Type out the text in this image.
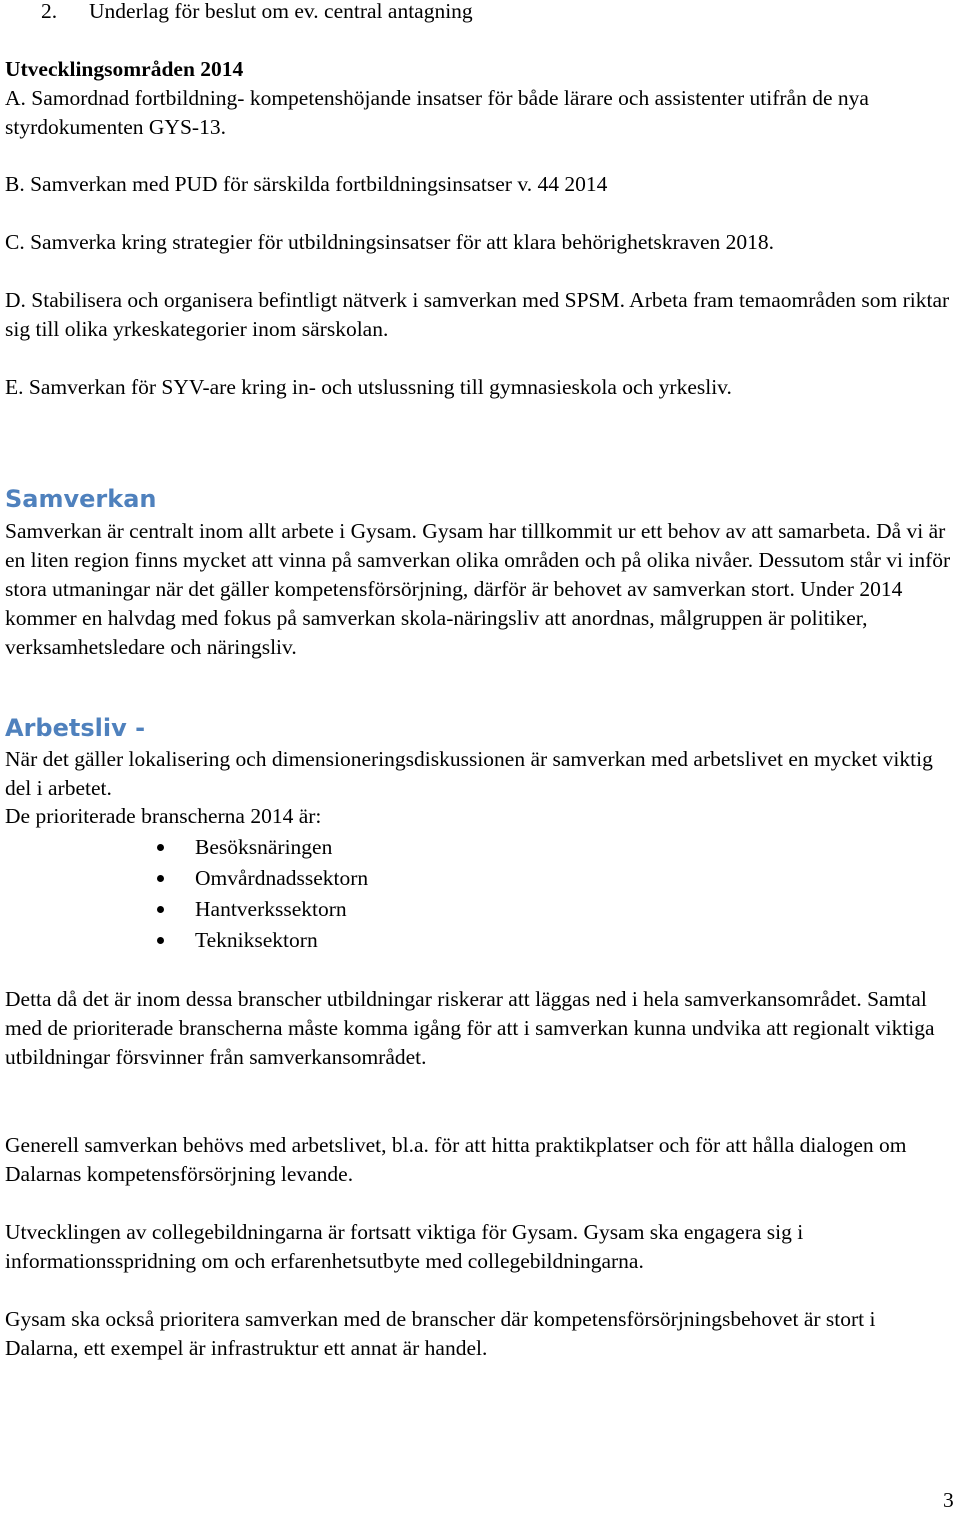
2. Underlag för beslut om ev. central antagning

Utvecklingsområden 2014

A. Samordnad fortbildning- kompetenshöjande insatser för både lärare och assistenter utifrån de nya styrdokumenten GYS-13.

B. Samverkan med PUD för särskilda fortbildningsinsatser v. 44 2014

C. Samverka kring strategier för utbildningsinsatser för att klara behörighetskraven 2018.

D. Stabilisera och organisera befintligt nätverk i samverkan med SPSM. Arbeta fram temaområden som riktar sig till olika yrkeskategorier inom särskolan.

E. Samverkan för SYV-are kring in- och utslussning till gymnasieskola och yrkesliv.

Samverkan

Samverkan är centralt inom allt arbete i Gysam. Gysam har tillkommit ur ett behov av att samarbeta. Då vi är en liten region finns mycket att vinna på samverkan olika områden och på olika nivåer. Dessutom står vi inför stora utmaningar när det gäller kompetensförsörjning, därför är behovet av samverkan stort. Under 2014 kommer en halvdag med fokus på samverkan skola-näringsliv att anordnas, målgruppen är politiker, verksamhetsledare och näringsliv.

Arbetsliv -

När det gäller lokalisering och dimensioneringsdiskussionen är samverkan med arbetslivet en mycket viktig del i arbetet.

De prioriterade branscherna 2014 är:

Besöksnäringen
Omvårdnadssektorn
Hantverkssektorn
Tekniksektorn

Detta då det är inom dessa branscher utbildningar riskerar att läggas ned i hela samverkansområdet. Samtal med de prioriterade branscherna måste komma igång för att i samverkan kunna undvika att regionalt viktiga utbildningar försvinner från samverkansområdet.

Generell samverkan behövs med arbetslivet, bl.a. för att hitta praktikplatser och för att hålla dialogen om Dalarnas kompetensförsörjning levande.

Utvecklingen av collegebildningarna är fortsatt viktiga för Gysam. Gysam ska engagera sig i informationsspridning om och erfarenhetsutbyte med collegebildningarna.

Gysam ska också prioritera samverkan med de branscher där kompetensförsörjningsbehovet är stort i Dalarna, ett exempel är infrastruktur ett annat är handel.

3
